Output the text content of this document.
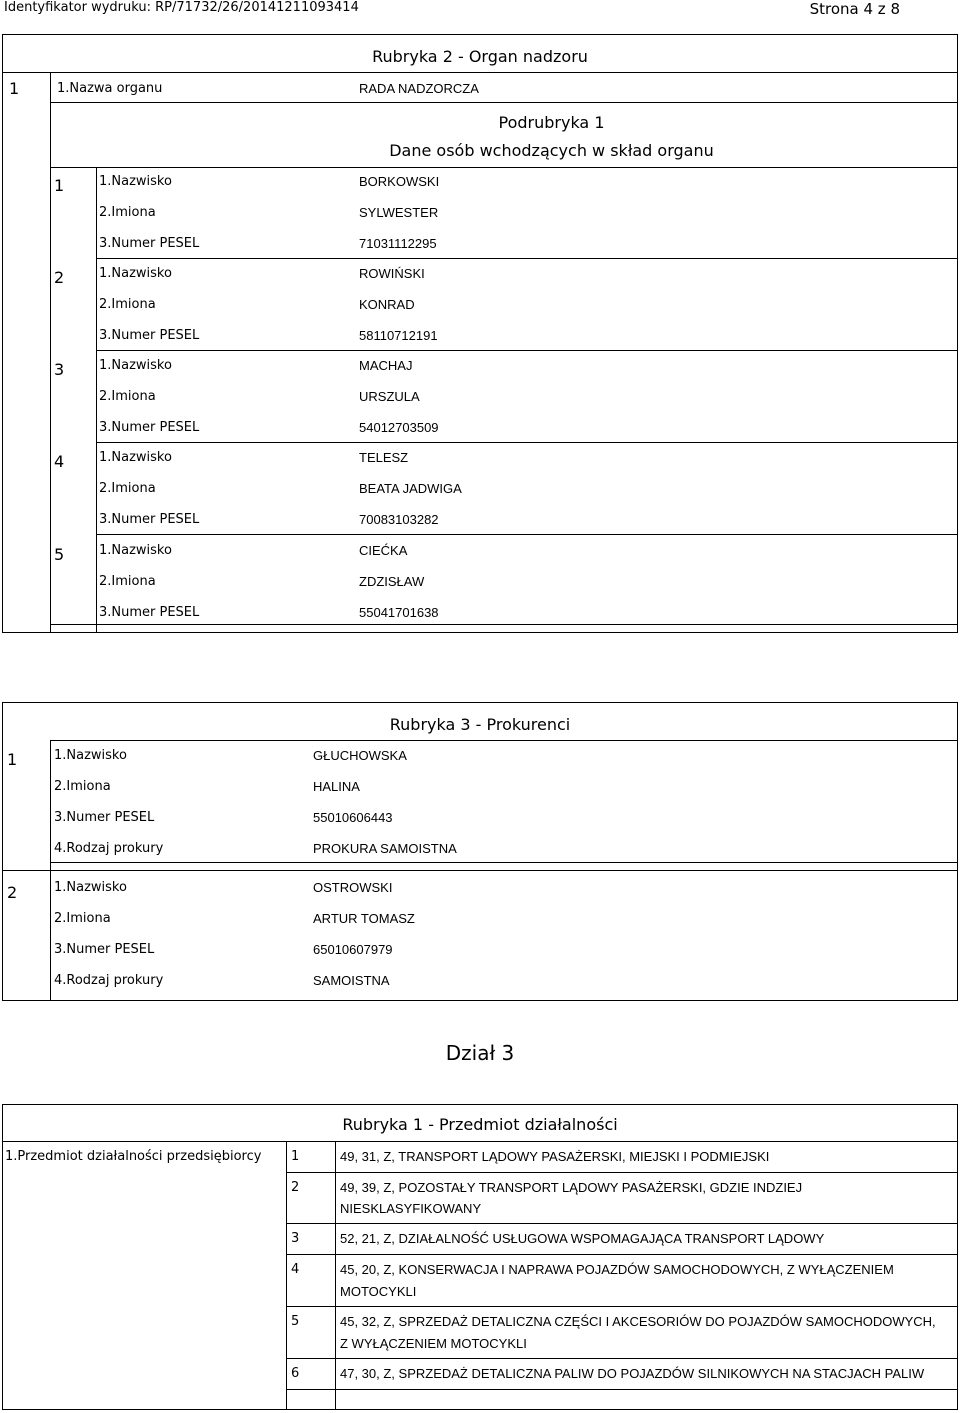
Identyfikator wydruku: RP/71732/26/20141211093414	Strona 4 z 8
Rubryka 2 - Organ nadzoru
1	1.Nazwa organu	RADA NADZORCZA
Podrubryka 1
Dane osób wchodzących w skład organu
1	1.Nazwisko	BORKOWSKI
2.Imiona	SYLWESTER
3.Numer PESEL	71031112295
2	1.Nazwisko	ROWIŃSKI
2.Imiona	KONRAD
3.Numer PESEL	58110712191
3	1.Nazwisko	MACHAJ
2.Imiona	URSZULA
3.Numer PESEL	54012703509
4	1.Nazwisko	TELESZ
2.Imiona	BEATA JADWIGA
3.Numer PESEL	70083103282
5	1.Nazwisko	CIEĆKA
2.Imiona	ZDZISŁAW
3.Numer PESEL	55041701638
Rubryka 3 - Prokurenci
1	1.Nazwisko	GŁUCHOWSKA
2.Imiona	HALINA
3.Numer PESEL	55010606443
4.Rodzaj prokury	PROKURA SAMOISTNA
2	1.Nazwisko	OSTROWSKI
2.Imiona	ARTUR TOMASZ
3.Numer PESEL	65010607979
4.Rodzaj prokury	SAMOISTNA
Dział 3
Rubryka 1 - Przedmiot działalności
1.Przedmiot działalności przedsiębiorcy 1	49, 31, Z, TRANSPORT LĄDOWY PASAŻERSKI, MIEJSKI I PODMIEJSKI
2	49, 39, Z, POZOSTAŁY TRANSPORT LĄDOWY PASAŻERSKI, GDZIE INDZIEJ
NIESKLASYFIKOWANY
3	52, 21, Z, DZIAŁALNOŚĆ USŁUGOWA WSPOMAGAJĄCA TRANSPORT LĄDOWY
4	45, 20, Z, KONSERWACJA I NAPRAWA POJAZDÓW SAMOCHODOWYCH, Z WYŁĄCZENIEM
MOTOCYKLI
5	45, 32, Z, SPRZEDAŻ DETALICZNA CZĘŚCI I AKCESORIÓW DO POJAZDÓW SAMOCHODOWYCH,
Z WYŁĄCZENIEM MOTOCYKLI
6	47, 30, Z, SPRZEDAŻ DETALICZNA PALIW DO POJAZDÓW SILNIKOWYCH NA STACJACH PALIW
